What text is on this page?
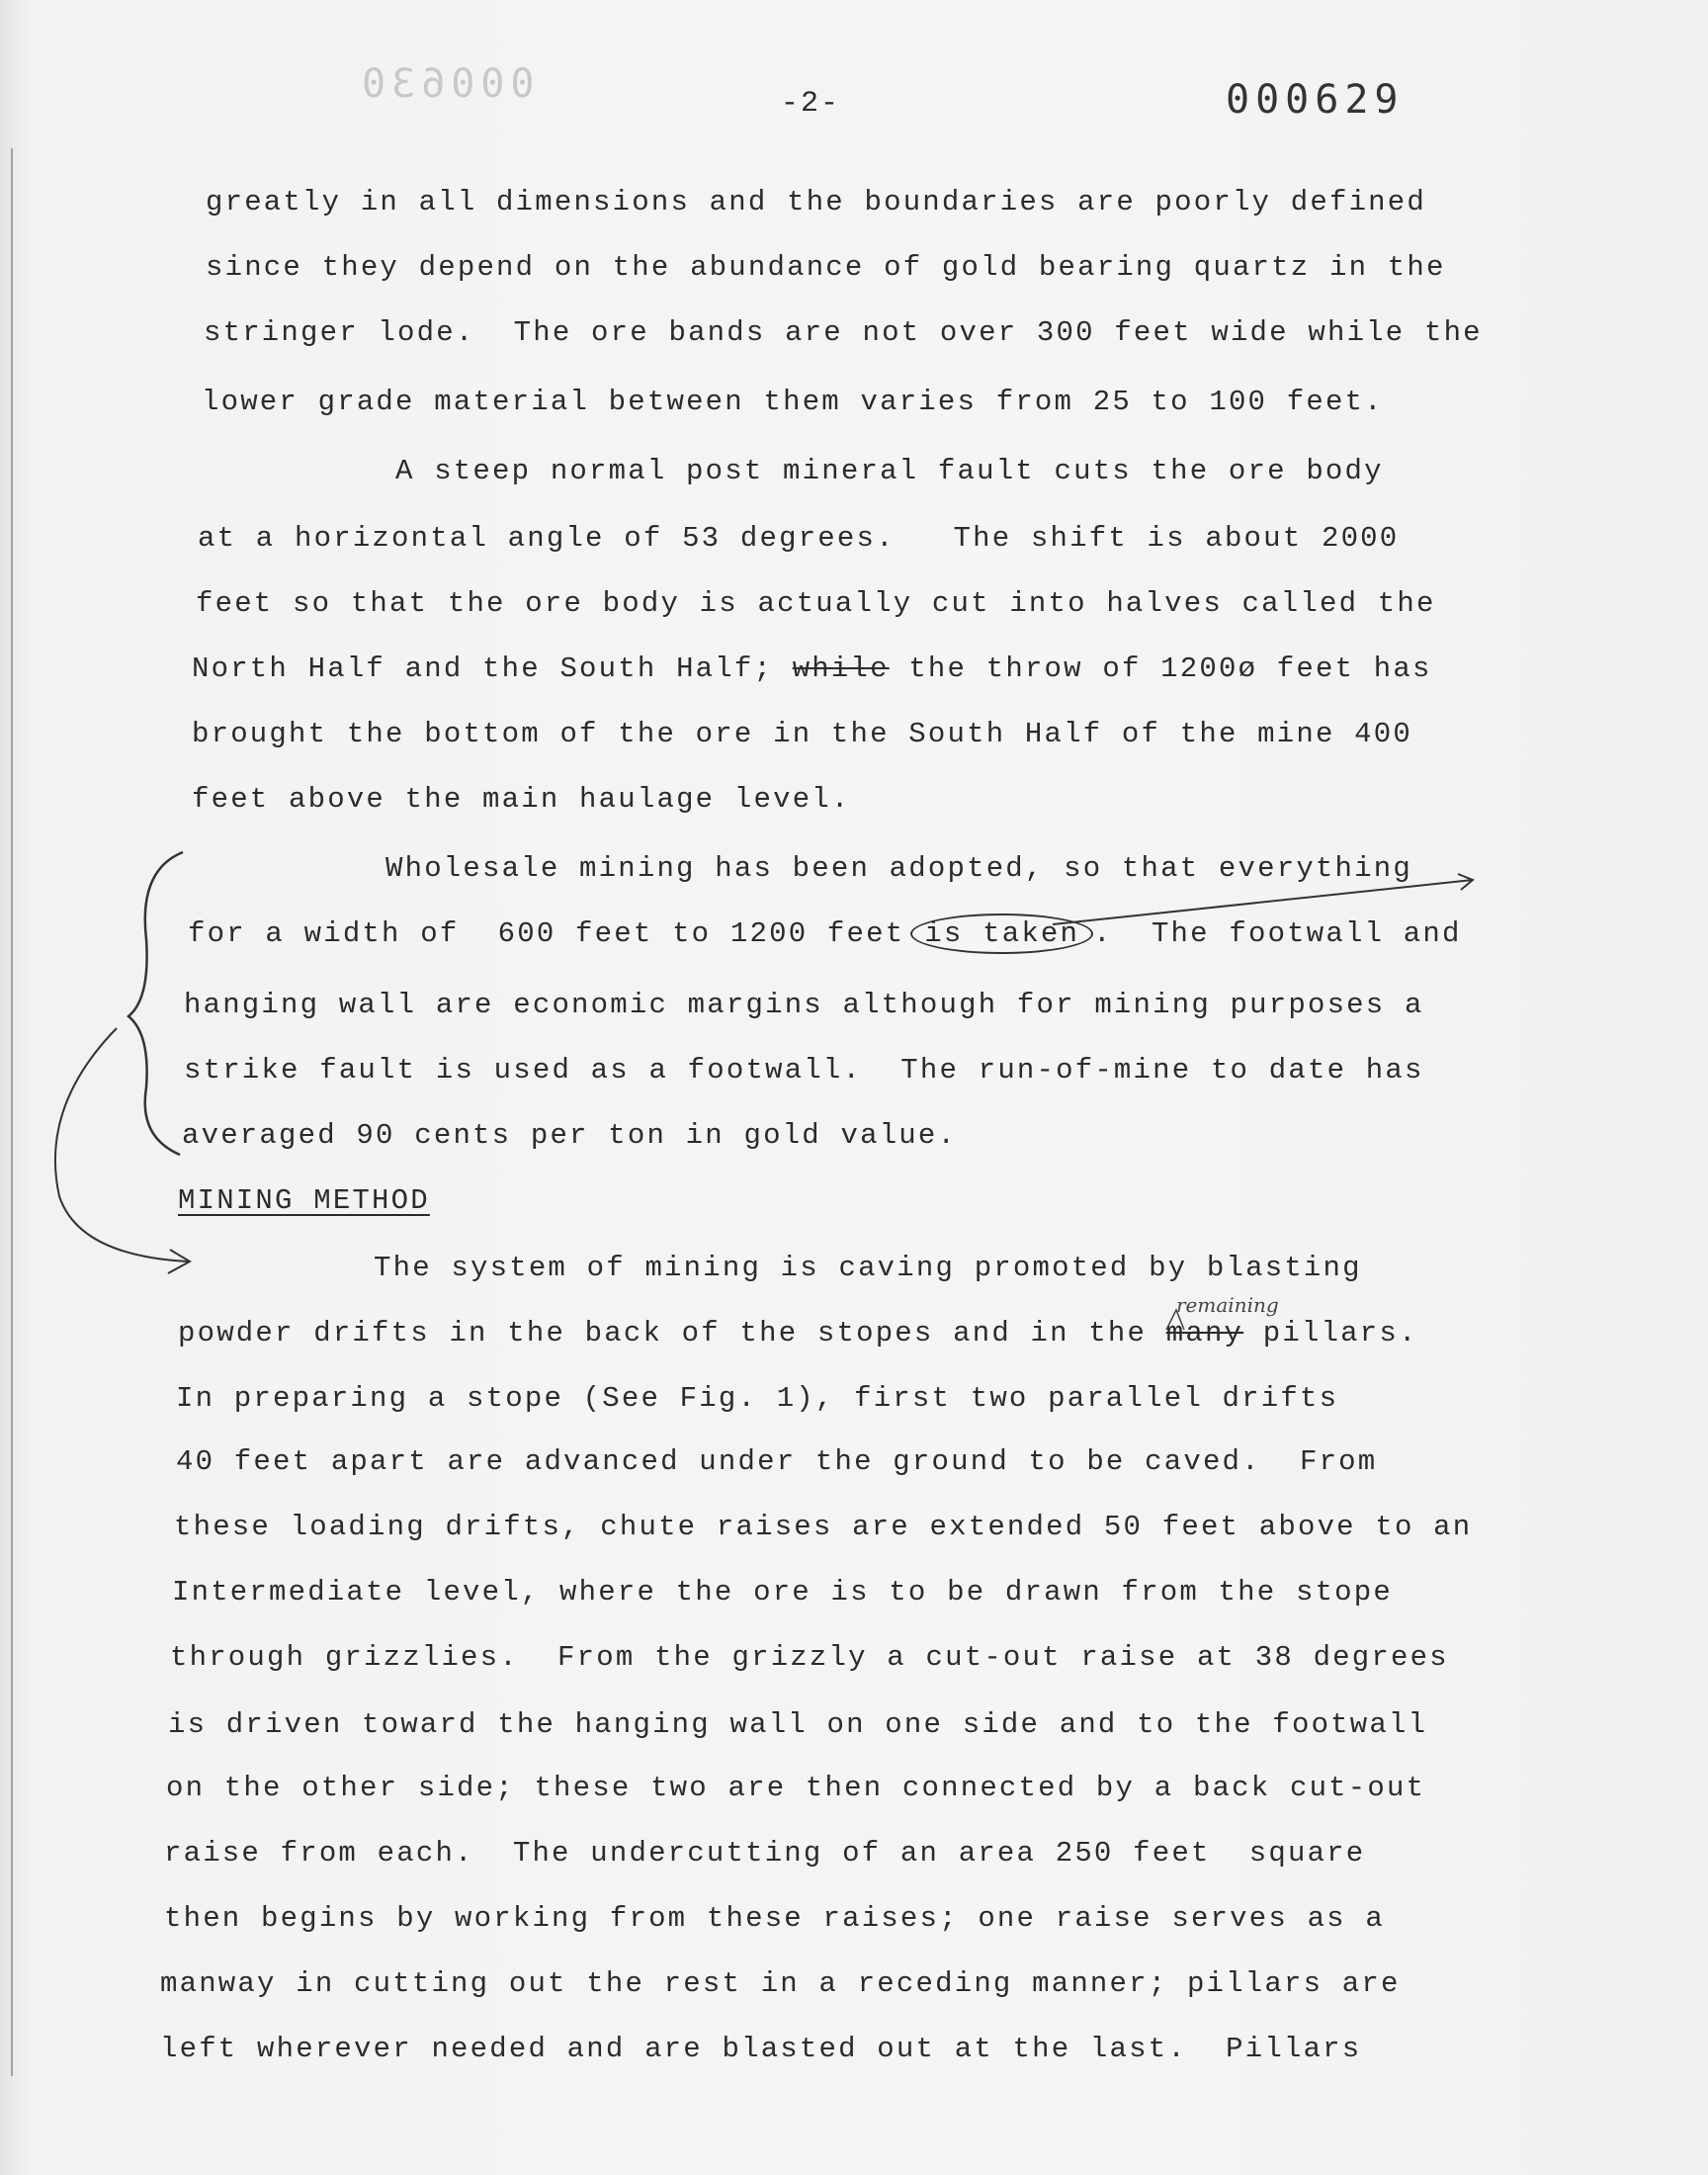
000630	-2-	000629
greatly in all dimensions and the boundaries are poorly defined
since they depend on the abundance of gold bearing quartz in the
stringer lode.  The ore bands are not over 300 feet wide while the
lower grade material between them varies from 25 to 100 feet.
A steep normal post mineral fault cuts the ore body
at a horizontal angle of 53 degrees.   The shift is about 2000
feet so that the ore body is actually cut into halves called the
North Half and the South Half; while the throw of 1200ø feet has
brought the bottom of the ore in the South Half of the mine 400
feet above the main haulage level.
Wholesale mining has been adopted, so that everything
for a width of  600 feet to 1200 feet is taken .  The footwall and
hanging wall are economic margins although for mining purposes a
strike fault is used as a footwall.  The run-of-mine to date has
averaged 90 cents per ton in gold value.
MINING METHOD
The system of mining is caving promoted by blasting
remaining
powder drifts in the back of the stopes and in the many pillars.
In preparing a stope (See Fig. 1), first two parallel drifts
40 feet apart are advanced under the ground to be caved.  From
these loading drifts, chute raises are extended 50 feet above to an
Intermediate level, where the ore is to be drawn from the stope
through grizzlies.  From the grizzly a cut-out raise at 38 degrees
is driven toward the hanging wall on one side and to the footwall
on the other side; these two are then connected by a back cut-out
raise from each.  The undercutting of an area 250 feet  square
then begins by working from these raises; one raise serves as a
manway in cutting out the rest in a receding manner; pillars are
left wherever needed and are blasted out at the last.  Pillars
